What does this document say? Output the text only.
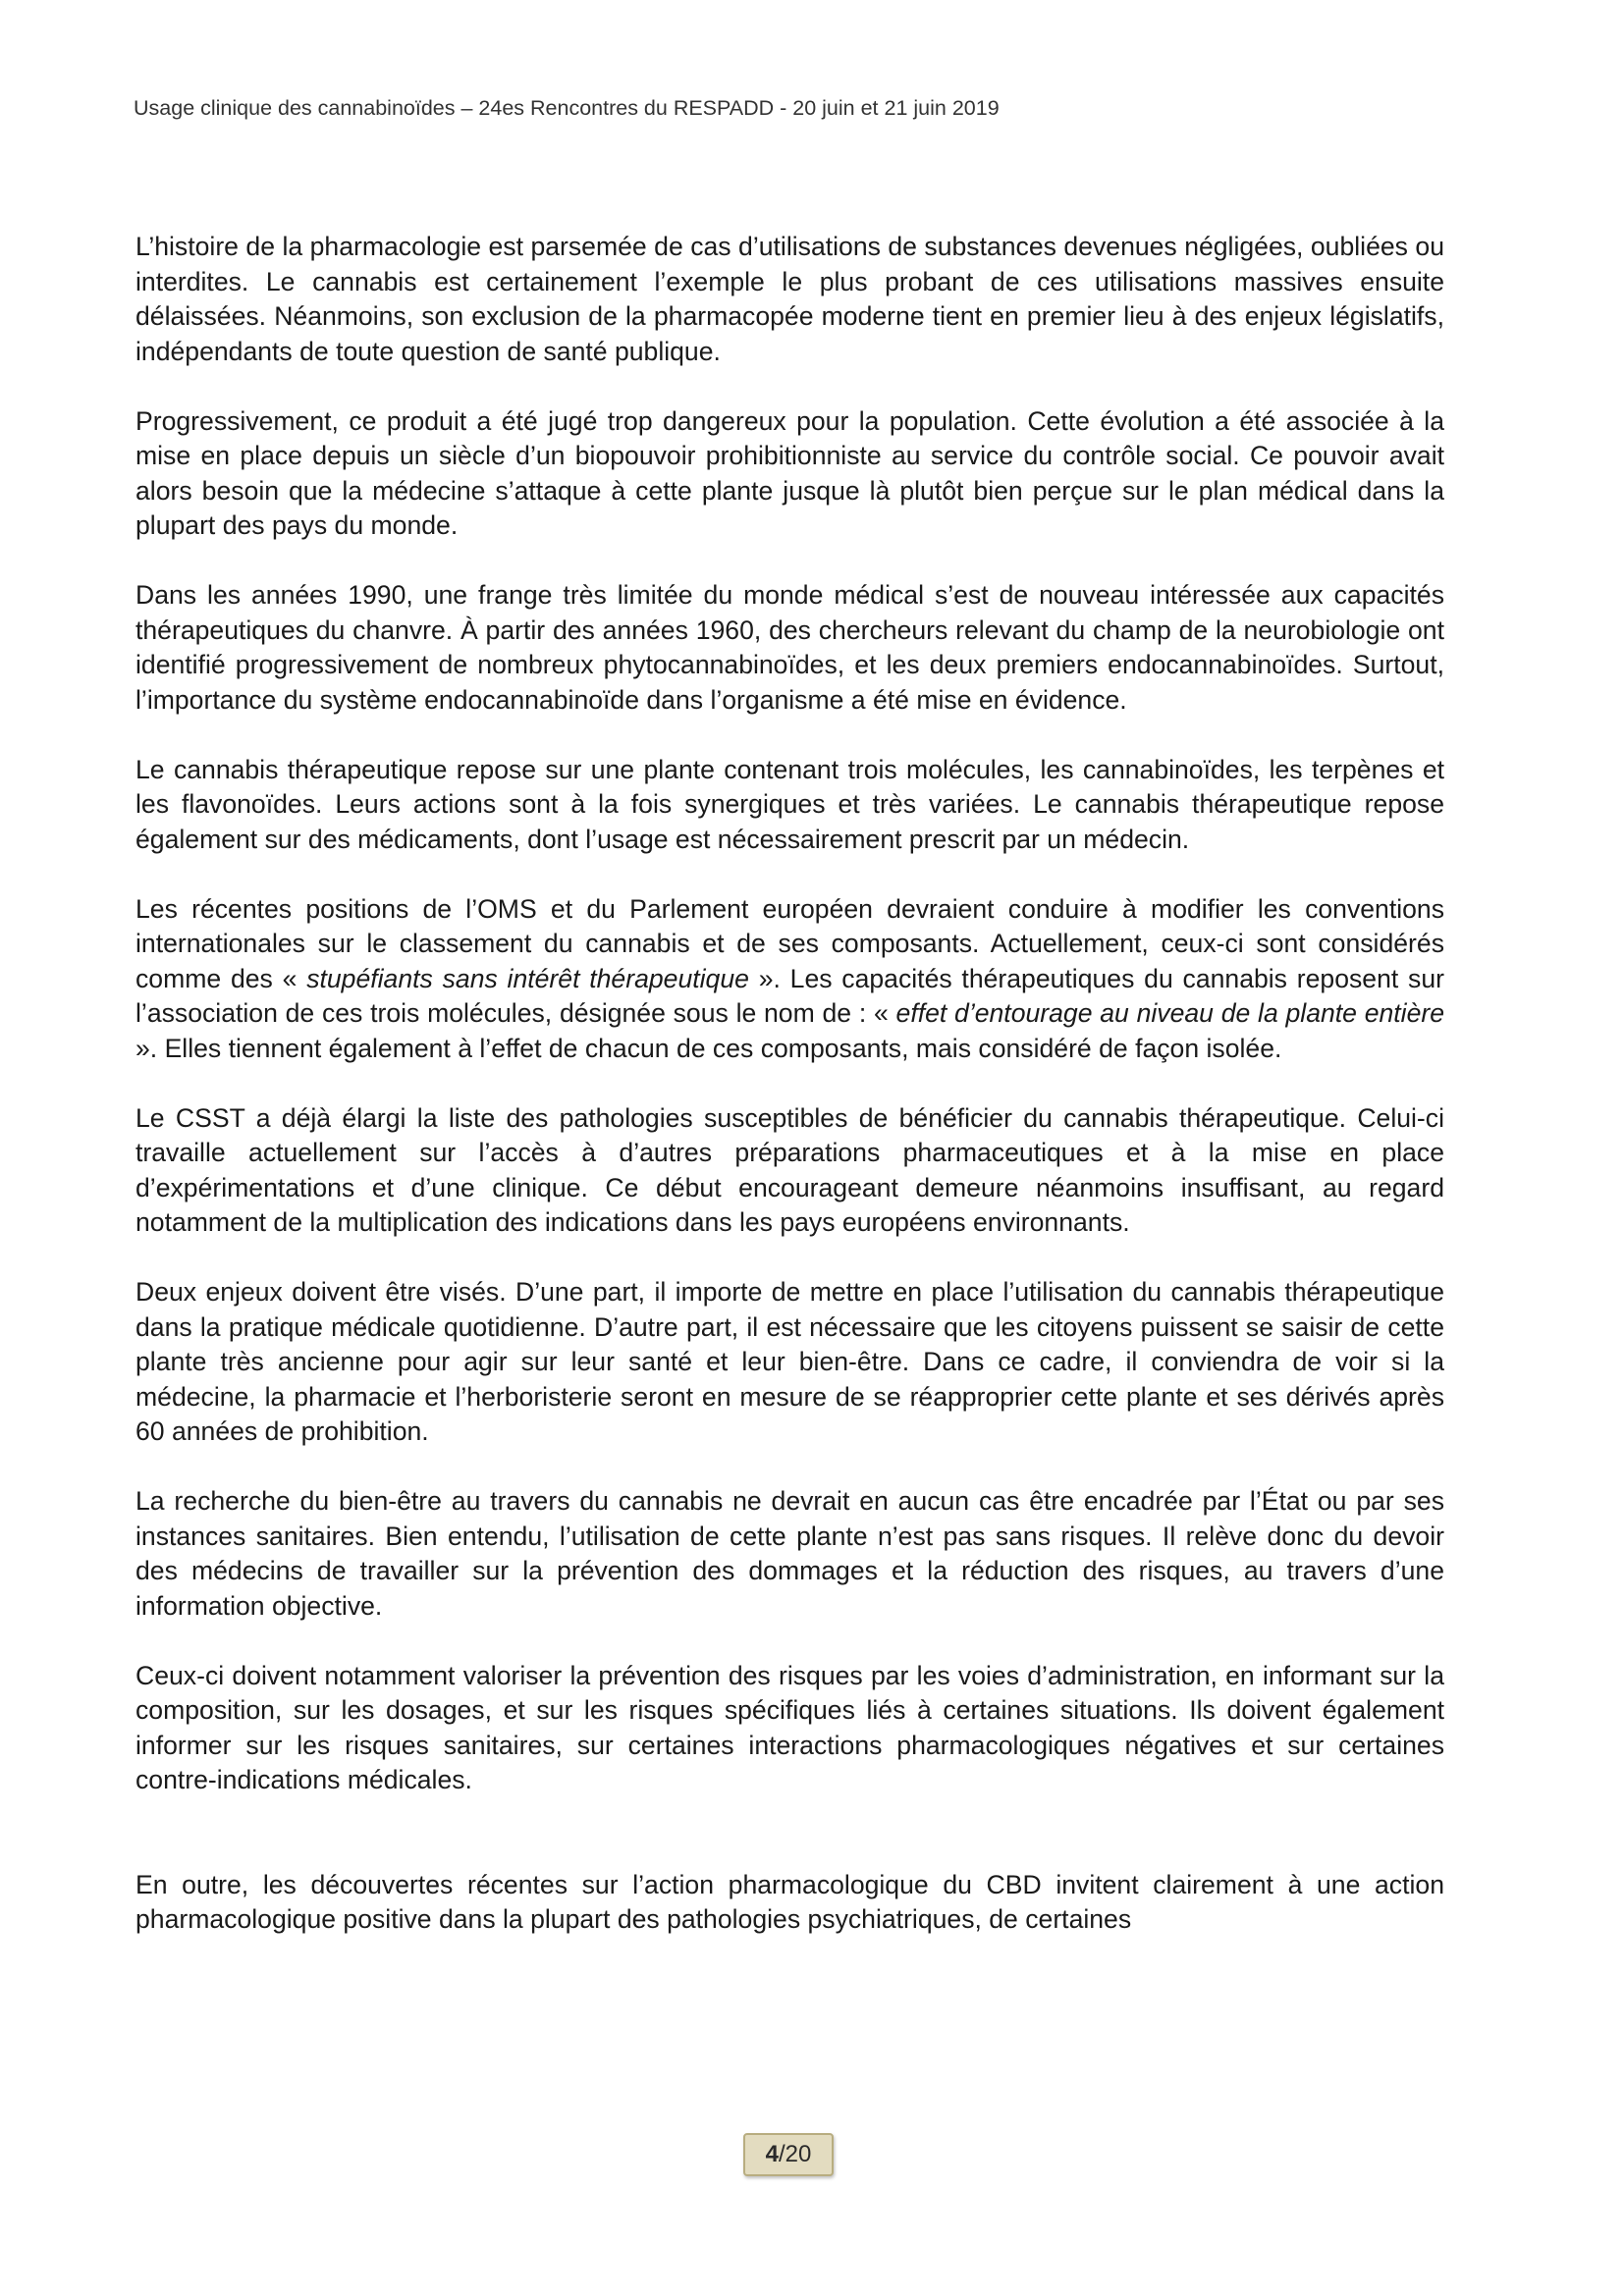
Usage clinique des cannabinoïdes – 24es Rencontres du RESPADD - 20 juin et 21 juin 2019

L’histoire de la pharmacologie est parsemée de cas d’utilisations de substances devenues négligées, oubliées ou interdites. Le cannabis est certainement l’exemple le plus probant de ces utilisations massives ensuite délaissées. Néanmoins, son exclusion de la pharmacopée moderne tient en premier lieu à des enjeux législatifs, indépendants de toute question de santé publique.

Progressivement, ce produit a été jugé trop dangereux pour la population. Cette évolution a été associée à la mise en place depuis un siècle d’un biopouvoir prohibitionniste au service du contrôle social. Ce pouvoir avait alors besoin que la médecine s’attaque à cette plante jusque là plutôt bien perçue sur le plan médical dans la plupart des pays du monde.

Dans les années 1990, une frange très limitée du monde médical s’est de nouveau intéressée aux capacités thérapeutiques du chanvre. À partir des années 1960, des chercheurs relevant du champ de la neurobiologie ont identifié progressivement de nombreux phytocannabinoïdes, et les deux premiers endocannabinoïdes. Surtout, l’importance du système endocannabinoïde dans l’organisme a été mise en évidence.

Le cannabis thérapeutique repose sur une plante contenant trois molécules, les cannabinoïdes, les terpènes et les flavonoïdes. Leurs actions sont à la fois synergiques et très variées. Le cannabis thérapeutique repose également sur des médicaments, dont l’usage est nécessairement prescrit par un médecin.

Les récentes positions de l’OMS et du Parlement européen devraient conduire à modifier les conventions internationales sur le classement du cannabis et de ses composants. Actuellement, ceux-ci sont considérés comme des « stupéfiants sans intérêt thérapeutique ». Les capacités thérapeutiques du cannabis reposent sur l’association de ces trois molécules, désignée sous le nom de : « effet d’entourage au niveau de la plante entière ». Elles tiennent également à l’effet de chacun de ces composants, mais considéré de façon isolée.

Le CSST a déjà élargi la liste des pathologies susceptibles de bénéficier du cannabis thérapeutique. Celui-ci travaille actuellement sur l’accès à d’autres préparations pharmaceutiques et à la mise en place d’expérimentations et d’une clinique. Ce début encourageant demeure néanmoins insuffisant, au regard notamment de la multiplication des indications dans les pays européens environnants.

Deux enjeux doivent être visés. D’une part, il importe de mettre en place l’utilisation du cannabis thérapeutique dans la pratique médicale quotidienne. D’autre part, il est nécessaire que les citoyens puissent se saisir de cette plante très ancienne pour agir sur leur santé et leur bien-être. Dans ce cadre, il conviendra de voir si la médecine, la pharmacie et l’herboristerie seront en mesure de se réapproprier cette plante et ses dérivés après 60 années de prohibition.

La recherche du bien-être au travers du cannabis ne devrait en aucun cas être encadrée par l’État ou par ses instances sanitaires. Bien entendu, l’utilisation de cette plante n’est pas sans risques. Il relève donc du devoir des médecins de travailler sur la prévention des dommages et la réduction des risques, au travers d’une information objective.

Ceux-ci doivent notamment valoriser la prévention des risques par les voies d’administration, en informant sur la composition, sur les dosages, et sur les risques spécifiques liés à certaines situations. Ils doivent également informer sur les risques sanitaires, sur certaines interactions pharmacologiques négatives et sur certaines contre-indications médicales.

En outre, les découvertes récentes sur l’action pharmacologique du CBD invitent clairement à une action pharmacologique positive dans la plupart des pathologies psychiatriques, de certaines

4 / 20
